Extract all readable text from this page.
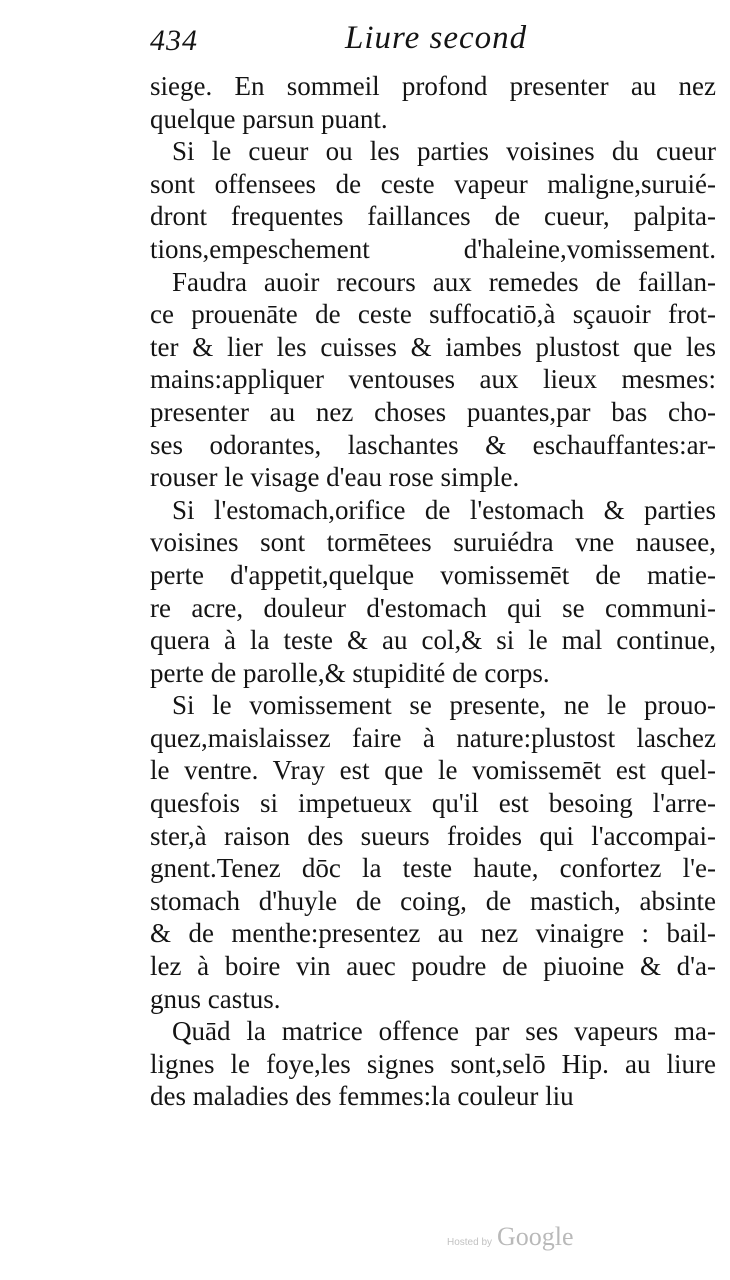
434	Liure second
siege. En sommeil profond presenter au nez
quelque parsun puant.
Si le cueur ou les parties voisines du cueur
sont offensees de ceste vapeur maligne,suruié-
dront frequentes faillances de cueur, palpita-
tions,empeschement d'haleine,vomissement.
Faudra auoir recours aux remedes de faillan-
ce prouenāte de ceste suffocatiō,à sçauoir frot-
ter & lier les cuisses & iambes plustost que les
mains:appliquer ventouses aux lieux mesmes:
presenter au nez choses puantes,par bas cho-
ses odorantes, laschantes & eschauffantes:ar-
rouser le visage d'eau rose simple.
Si l'estomach,orifice de l'estomach & parties
voisines sont tormētees suruiédra vne nausee,
perte d'appetit,quelque vomissemēt de matie-
re acre, douleur d'estomach qui se communi-
quera à la teste & au col,& si le mal continue,
perte de parolle,& stupidité de corps.
Si le vomissement se presente, ne le prouo-
quez,maislaissez faire à nature:plustost laschez
le ventre. Vray est que le vomissemēt est quel-
quesfois si impetueux qu'il est besoing l'arre-
ster,à raison des sueurs froides qui l'accompai-
gnent.Tenez dōc la teste haute, confortez l'e-
stomach d'huyle de coing, de mastich, absinte
& de menthe:presentez au nez vinaigre : bail-
lez à boire vin auec poudre de piuoine & d'a-
gnus castus.
Quād la matrice offence par ses vapeurs ma-
lignes le foye,les signes sont,selō Hip. au liure
des maladies des femmes:la couleur liu
Hosted by Google
